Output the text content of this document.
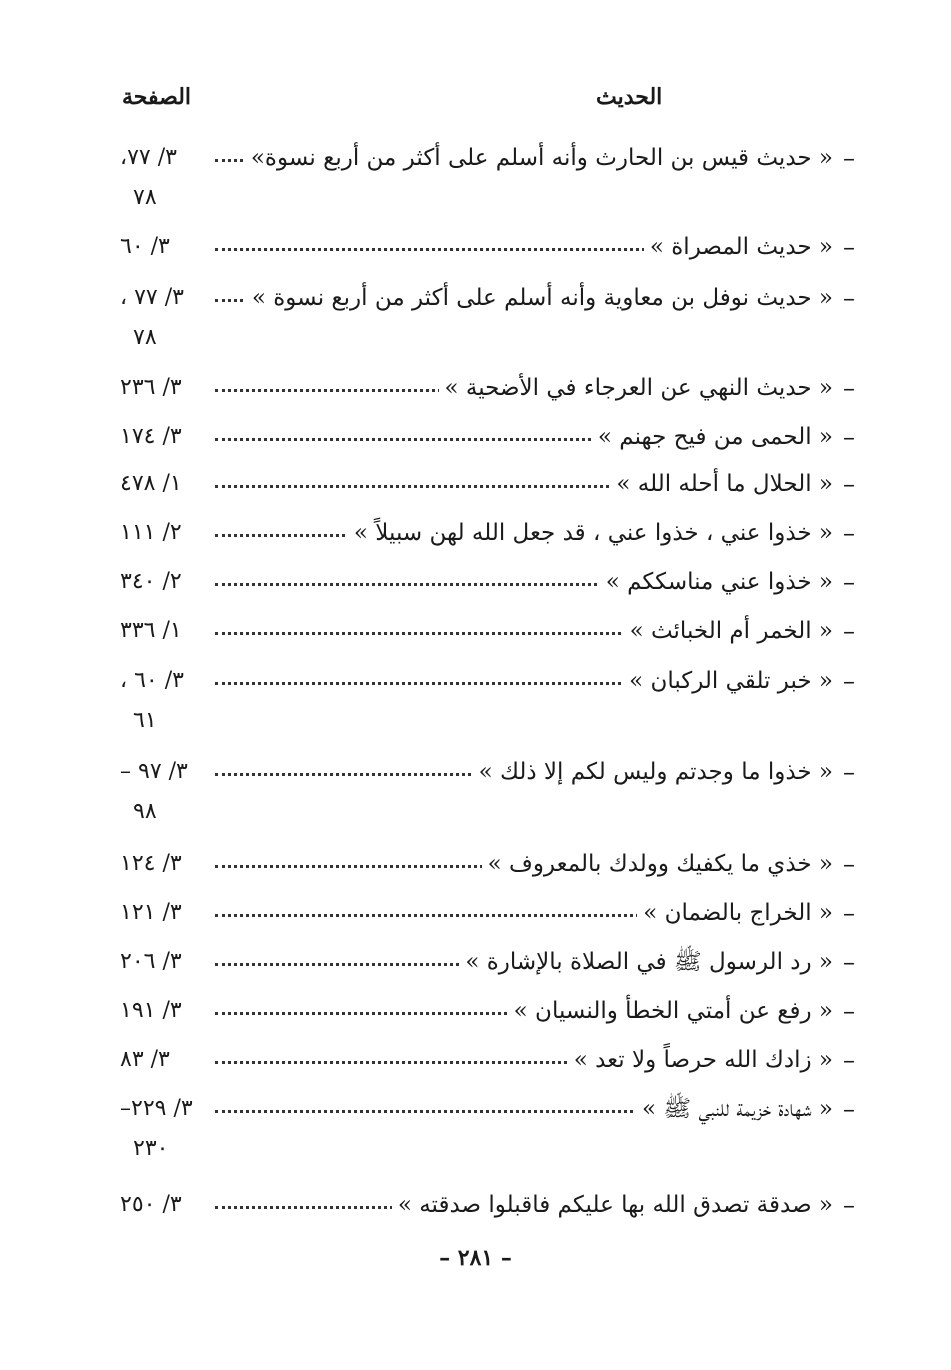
الحديث
الصفحة
–
« حديث قيس بن الحارث وأنه أسلم على أكثر من أربع نسوة»
٣/ ٧٧،
٧٨
–
« حديث المصراة »
٣/ ٦٠
–
« حديث نوفل بن معاوية وأنه أسلم على أكثر من أربع نسوة »
٣/ ٧٧ ،
٧٨
–
« حديث النهي عن العرجاء في الأضحية »
٣/ ٢٣٦
–
« الحمى من فيح جهنم »
٣/ ١٧٤
–
« الحلال ما أحله الله »
١/ ٤٧٨
–
« خذوا عني ، خذوا عني ، قد جعل الله لهن سبيلاً »
٢/ ١١١
–
« خذوا عني مناسككم »
٢/ ٣٤٠
–
« الخمر أم الخبائث »
١/ ٣٣٦
–
« خبر تلقي الركبان »
٣/ ٦٠ ،
٦١
–
« خذوا ما وجدتم وليس لكم إلا ذلك »
٣/ ٩٧ –
٩٨
–
« خذي ما يكفيك وولدك بالمعروف »
٣/ ١٢٤
–
« الخراج بالضمان »
٣/ ١٢١
–
« رد الرسول ﷺ في الصلاة بالإشارة »
٣/ ٢٠٦
–
« رفع عن أمتي الخطأ والنسيان »
٣/ ١٩١
–
« زادك الله حرصاً ولا تعد »
٣/ ٨٣
–
« شهادة خزيمة للنبي ﷺ »
٣/ ٢٢٩–
٢٣٠
–
« صدقة تصدق الله بها عليكم فاقبلوا صدقته »
٣/ ٢٥٠
– ٢٨١ –
